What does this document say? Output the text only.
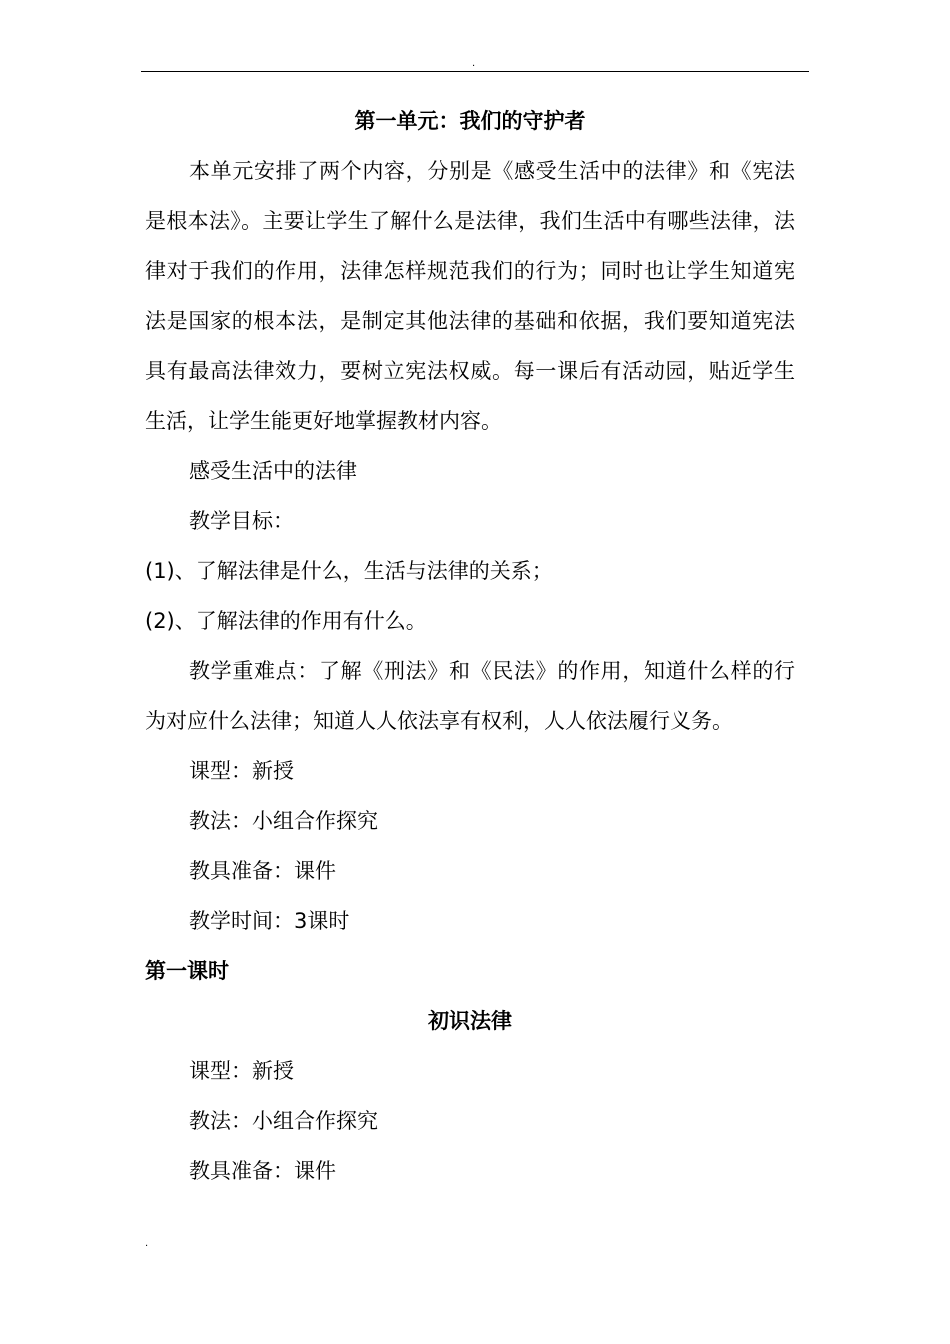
.

第一单元：我们的守护者

本单元安排了两个内容，分别是《感受生活中的法律》和《宪法是根本法》。主要让学生了解什么是法律，我们生活中有哪些法律，法律对于我们的作用，法律怎样规范我们的行为；同时也让学生知道宪法是国家的根本法，是制定其他法律的基础和依据，我们要知道宪法具有最高法律效力，要树立宪法权威。每一课后有活动园，贴近学生生活，让学生能更好地掌握教材内容。

感受生活中的法律

教学目标：

(1)、了解法律是什么，生活与法律的关系；

(2)、了解法律的作用有什么。

教学重难点：了解《刑法》和《民法》的作用，知道什么样的行为对应什么法律；知道人人依法享有权利，人人依法履行义务。

课型：新授

教法：小组合作探究

教具准备：课件

教学时间：3课时

第一课时

初识法律

课型：新授

教法：小组合作探究

教具准备：课件

.
